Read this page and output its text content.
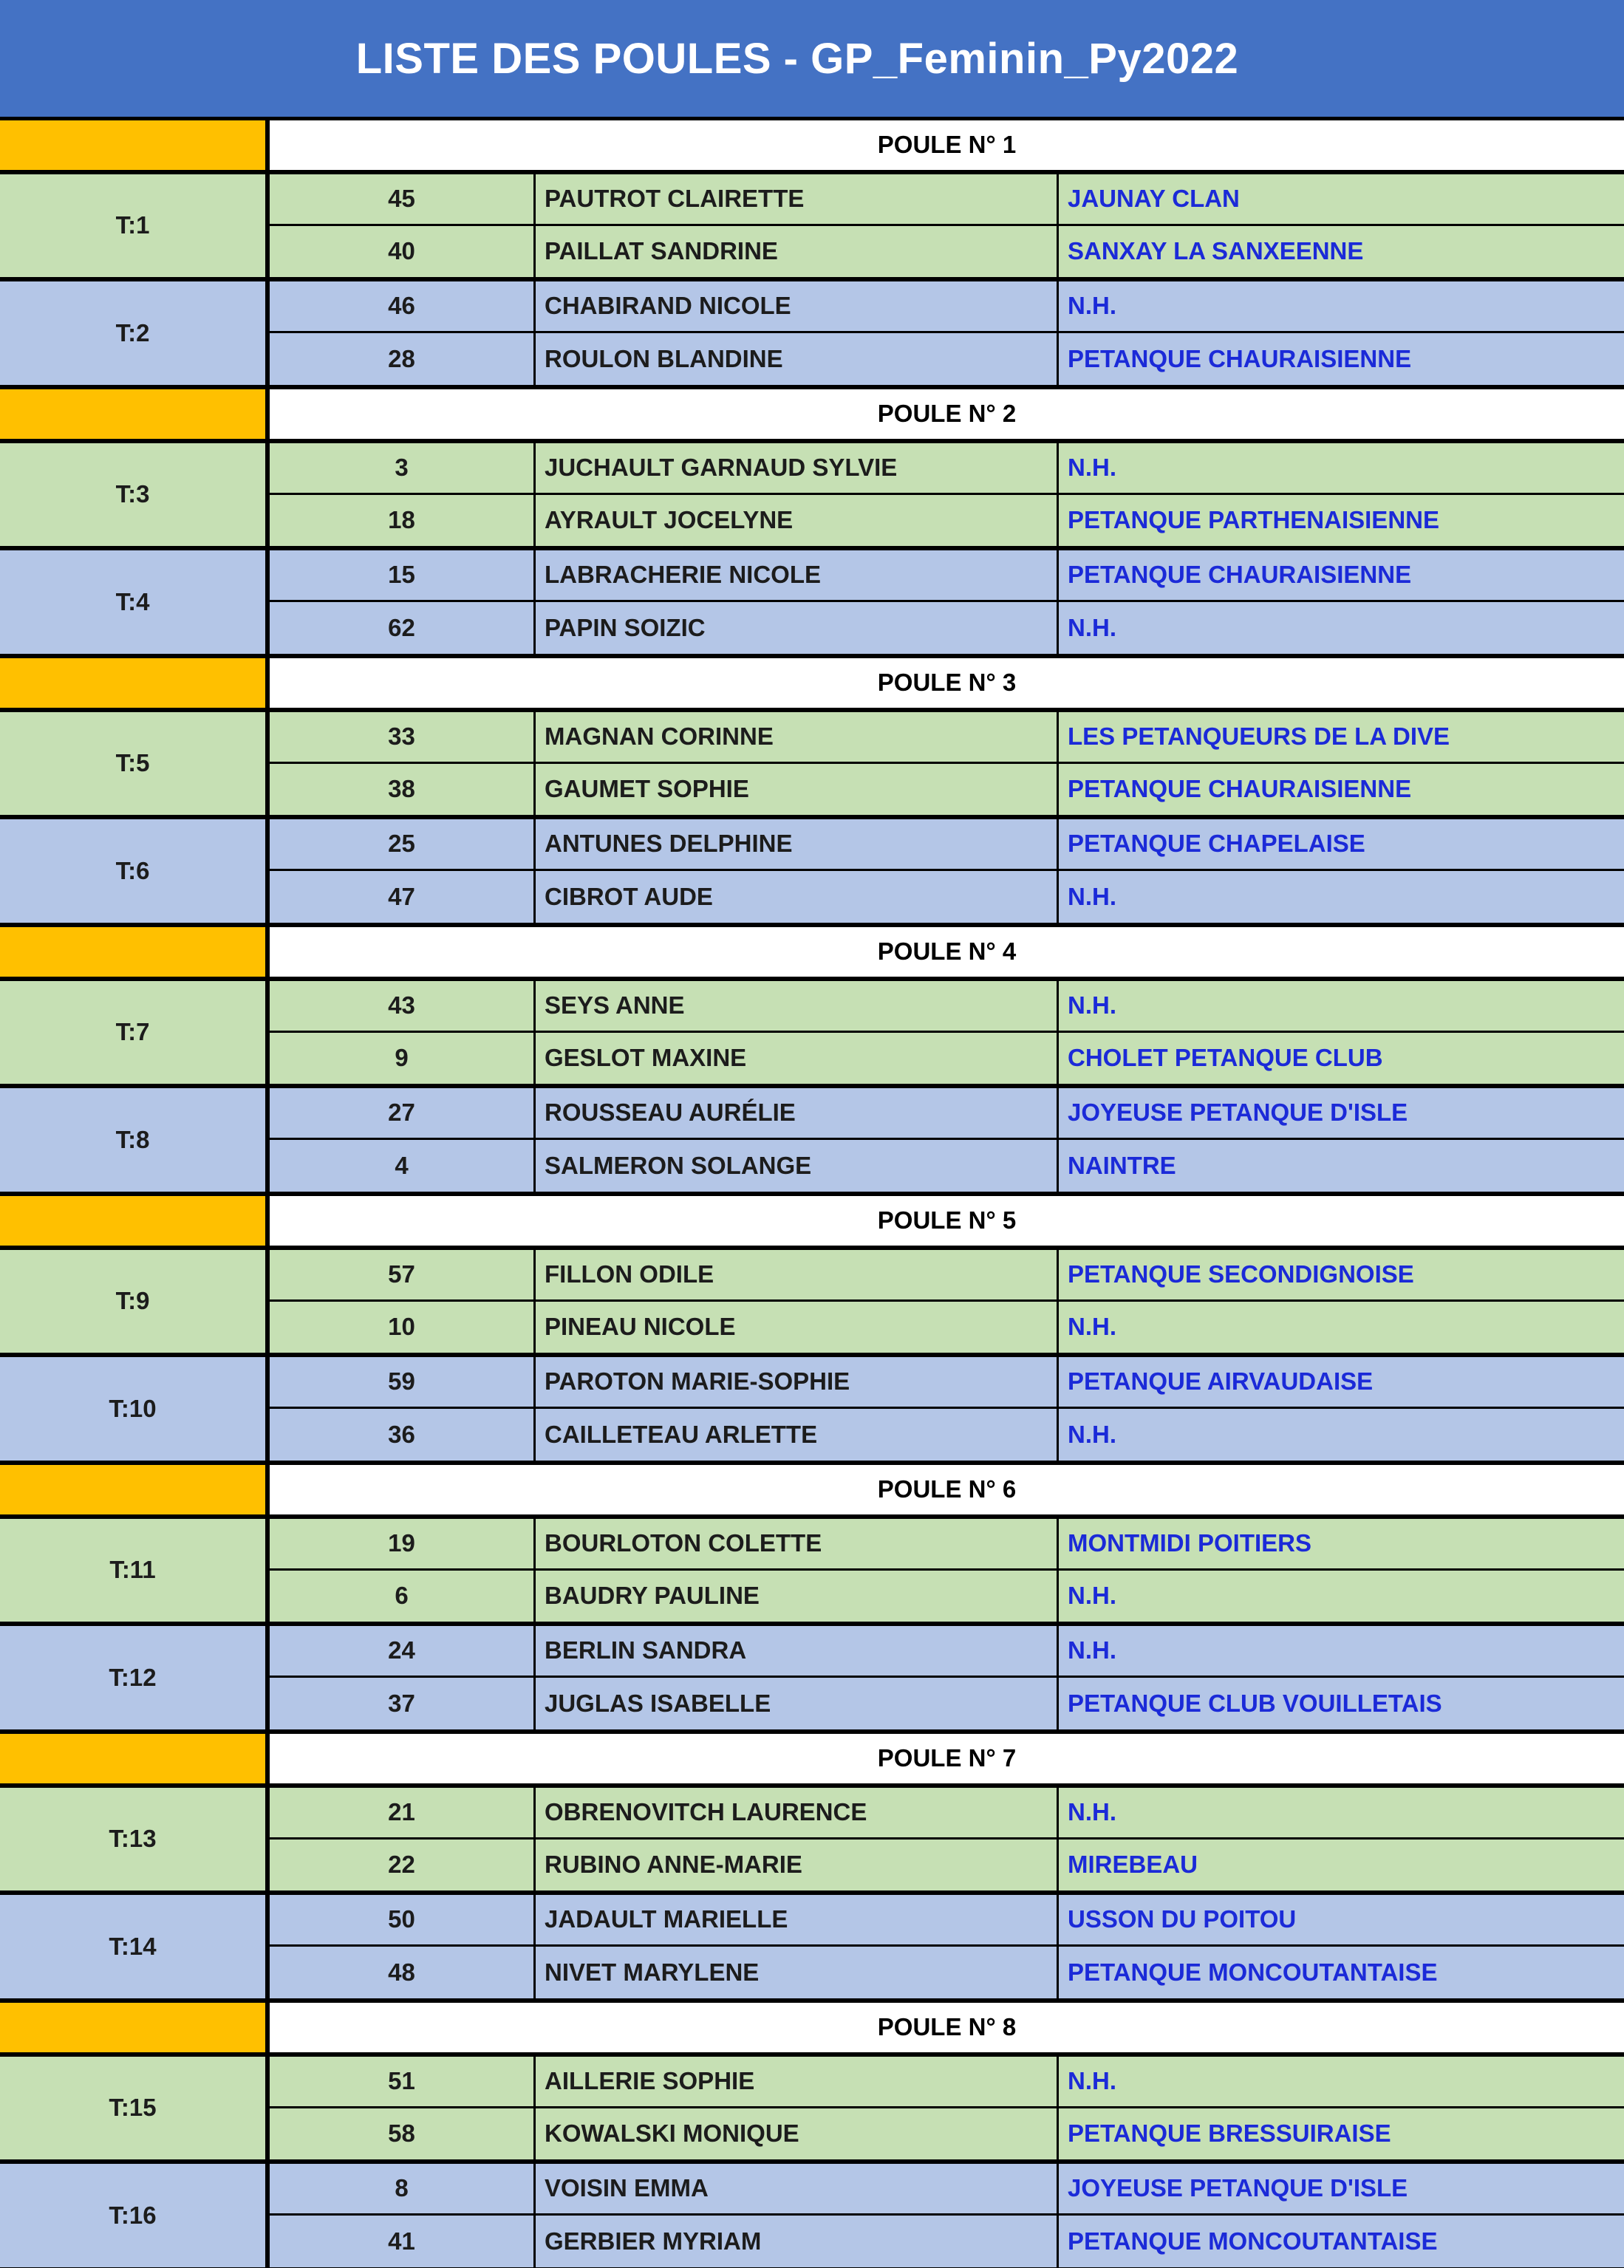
LISTE DES POULES - GP_Feminin_Py2022
POULE N° 1
T:1
45	PAUTROT CLAIRETTE	JAUNAY CLAN
40	PAILLAT SANDRINE	SANXAY LA SANXEENNE
T:2
46	CHABIRAND NICOLE	N.H.
28	ROULON BLANDINE	PETANQUE CHAURAISIENNE
POULE N° 2
T:3
3	JUCHAULT GARNAUD SYLVIE	N.H.
18	AYRAULT JOCELYNE	PETANQUE PARTHENAISIENNE
T:4
15	LABRACHERIE NICOLE	PETANQUE CHAURAISIENNE
62	PAPIN SOIZIC	N.H.
POULE N° 3
T:5
33	MAGNAN CORINNE	LES PETANQUEURS DE LA DIVE
38	GAUMET SOPHIE	PETANQUE CHAURAISIENNE
T:6
25	ANTUNES DELPHINE	PETANQUE CHAPELAISE
47	CIBROT AUDE	N.H.
POULE N° 4
T:7
43	SEYS ANNE	N.H.
9	GESLOT MAXINE	CHOLET PETANQUE CLUB
T:8
27	ROUSSEAU AURÉLIE	JOYEUSE PETANQUE D'ISLE
4	SALMERON SOLANGE	NAINTRE
POULE N° 5
T:9
57	FILLON ODILE	PETANQUE SECONDIGNOISE
10	PINEAU NICOLE	N.H.
T:10
59	PAROTON MARIE-SOPHIE	PETANQUE AIRVAUDAISE
36	CAILLETEAU ARLETTE	N.H.
POULE N° 6
T:11
19	BOURLOTON COLETTE	MONTMIDI POITIERS
6	BAUDRY PAULINE	N.H.
T:12
24	BERLIN SANDRA	N.H.
37	JUGLAS ISABELLE	PETANQUE CLUB VOUILLETAIS
POULE N° 7
T:13
21	OBRENOVITCH LAURENCE	N.H.
22	RUBINO ANNE-MARIE	MIREBEAU
T:14
50	JADAULT MARIELLE	USSON DU POITOU
48	NIVET MARYLENE	PETANQUE MONCOUTANTAISE
POULE N° 8
T:15
51	AILLERIE SOPHIE	N.H.
58	KOWALSKI MONIQUE	PETANQUE BRESSUIRAISE
T:16
8	VOISIN EMMA	JOYEUSE PETANQUE D'ISLE
41	GERBIER MYRIAM	PETANQUE MONCOUTANTAISE
